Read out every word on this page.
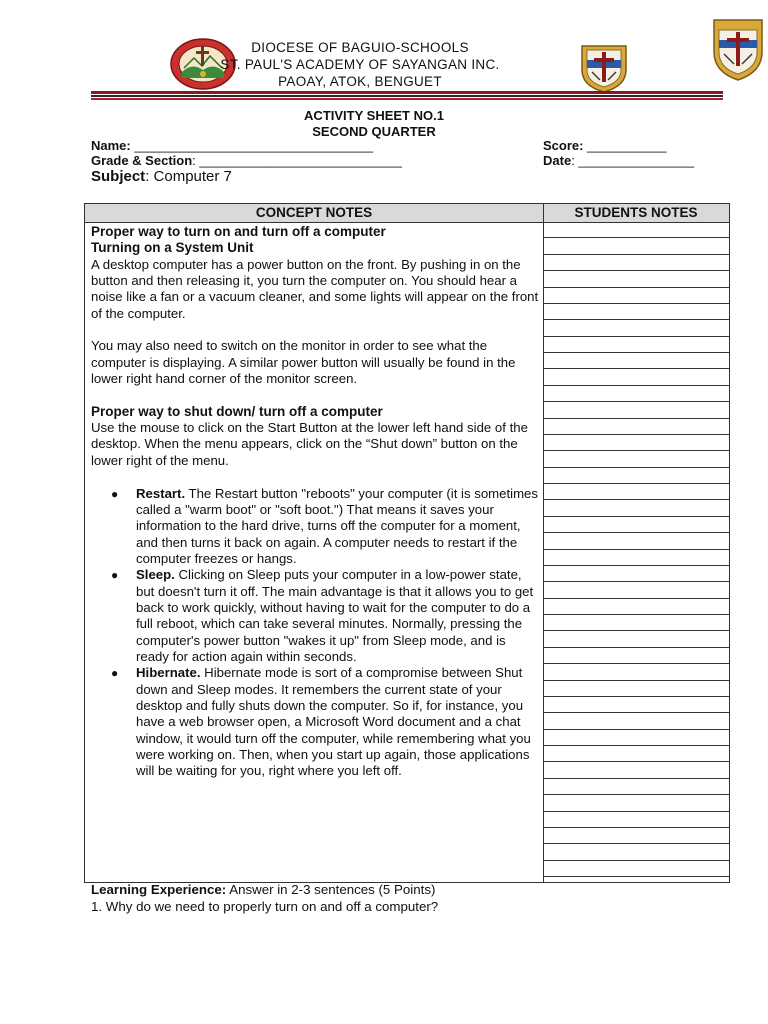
DIOCESE OF BAGUIO-SCHOOLS
ST. PAUL'S ACADEMY OF SAYANGAN INC.
PAOAY, ATOK, BENGUET
ACTIVITY SHEET NO.1
SECOND QUARTER
Name: _________________________________
Grade & Section: ____________________________
Score: ___________
Date: ________________
Subject: Computer 7
CONCEPT NOTES	STUDENTS NOTES

Proper way to turn on and turn off a computer

Turning on a System Unit

A desktop computer has a power button on the front. By pushing in on the button and then releasing it, you turn the computer on. You should hear a noise like a fan or a vacuum cleaner, and some lights will appear on the front of the computer.

You may also need to switch on the monitor in order to see what the computer is displaying. A similar power button will usually be found in the lower right hand corner of the monitor screen.

Proper way to shut down/ turn off a computer

Use the mouse to click on the Start Button at the lower left hand side of the desktop. When the menu appears, click on the “Shut down” button on the lower right of the menu.

● Restart. The Restart button "reboots" your computer (it is sometimes called a "warm boot" or "soft boot.") That means it saves your information to the hard drive, turns off the computer for a moment, and then turns it back on again. A computer needs to restart if the computer freezes or hangs.
● Sleep. Clicking on Sleep puts your computer in a low-power state, but doesn't turn it off. The main advantage is that it allows you to get back to work quickly, without having to wait for the computer to do a full reboot, which can take several minutes. Normally, pressing the computer's power button "wakes it up" from Sleep mode, and is ready for action again within seconds.
● Hibernate. Hibernate mode is sort of a compromise between Shut down and Sleep modes. It remembers the current state of your desktop and fully shuts down the computer. So if, for instance, you have a web browser open, a Microsoft Word document and a chat window, it would turn off the computer, while remembering what you were working on. Then, when you start up again, those applications will be waiting for you, right where you left off.
Learning Experience: Answer in 2-3 sentences (5 Points)
1. Why do we need to properly turn on and off a computer?
